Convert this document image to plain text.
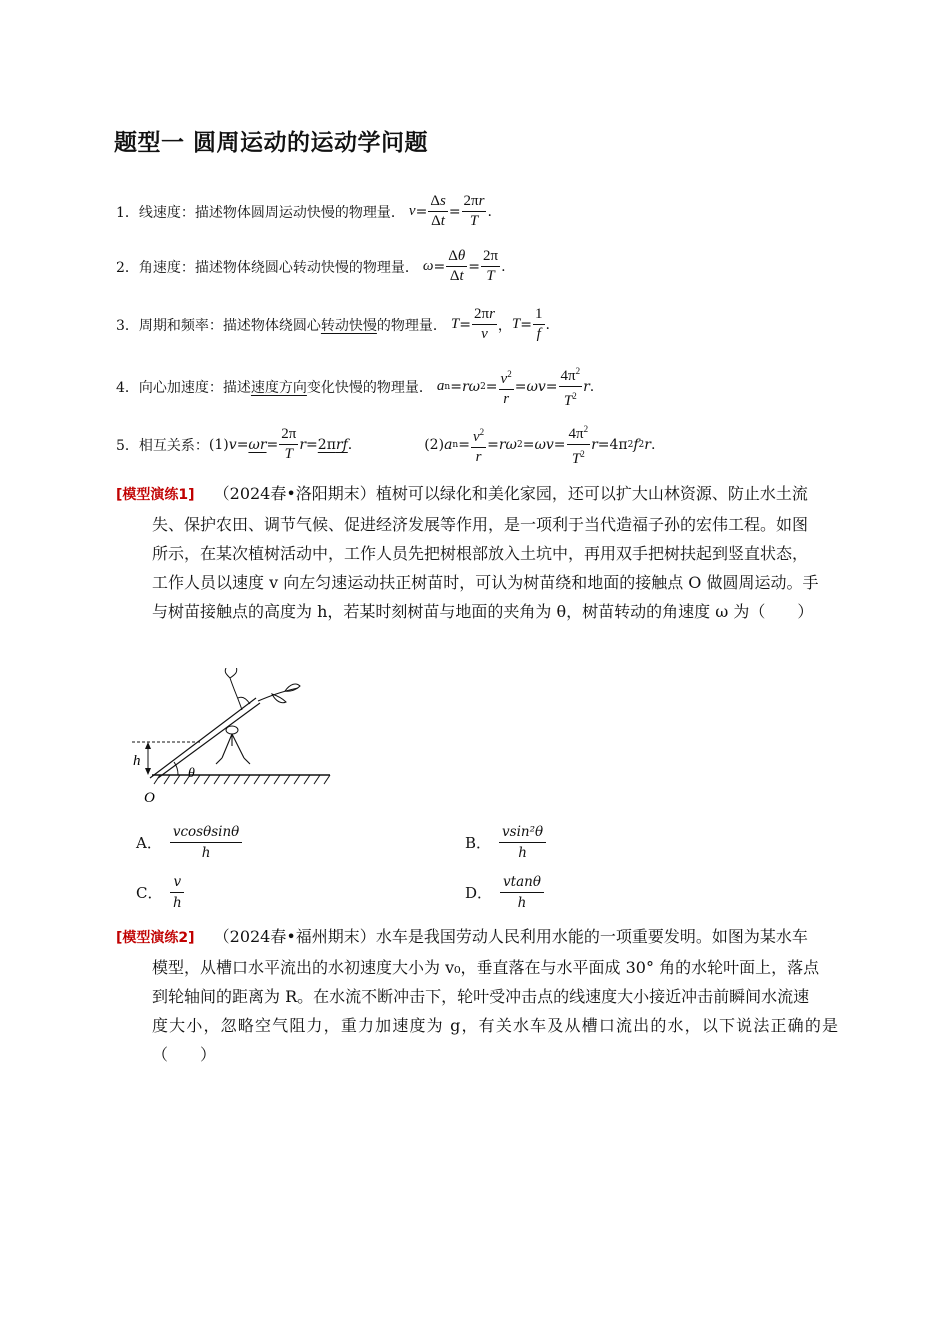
题型一 圆周运动的运动学问题
1．线速度：描述物体圆周运动快慢的物理量． $v = \frac{\Delta s}{\Delta t} = \frac{2\pi r}{T}$ .
2．角速度：描述物体绕圆心转动快慢的物理量． $\omega = \frac{\Delta\theta}{\Delta t} = \frac{2\pi}{T}$ .
3．周期和频率：描述物体绕圆心 转动快慢 的物理量． $T = \frac{2\pi r}{v}$ ， $T = \frac{1}{f}$ .
4．向心加速度：描述 速度方向 变化快慢的物理量． a n = rω $2 = \frac{v^2}{r} = \omega v = \frac{4\pi^2}{T^2}$ r .
5．相互关系： (1) $v = \omega r = \frac{2\pi}{T}$ r = 2πrf .	(2) a $n = \frac{v^2}{r} = r\omega$ $2 = \omega v = \frac{4\pi^2}{T^2}$ r =4π 2 f 2 r .
[模型演练1] （2024春•洛阳期末）植树可以绿化和美化家园，还可以扩大山林资源、防止水土流
失、保护农田、调节气候、促进经济发展等作用，是一项利于当代造福子孙的宏伟工程。如图
所示，在某次植树活动中，工作人员先把树根部放入土坑中，再用双手把树扶起到竖直状态，
工作人员以速度 v 向左匀速运动扶正树苗时，可认为树苗绕和地面的接触点 O 做圆周运动。手
与树苗接触点的高度为 h，若某时刻树苗与地面的夹角为 θ，树苗转动的角速度 ω 为（　　）
h
θ
O
A． $\frac{vcos\theta\sin\theta}{h}$	B． $\frac{\text{vsin²θ}}{h}$
C． $\frac{v}{h}$	D． $\frac{vtan\theta}{h}$
[模型演练2] （2024春•福州期末）水车是我国劳动人民利用水能的一项重要发明。如图为某水车
模型，从槽口水平流出的水初速度大小为 v₀，垂直落在与水平面成 30° 角的水轮叶面上，落点
到轮轴间的距离为 R。在水流不断冲击下，轮叶受冲击点的线速度大小接近冲击前瞬间水流速
度大小，忽略空气阻力，重力加速度为 g，有关水车及从槽口流出的水，以下说法正确的是（　　）
